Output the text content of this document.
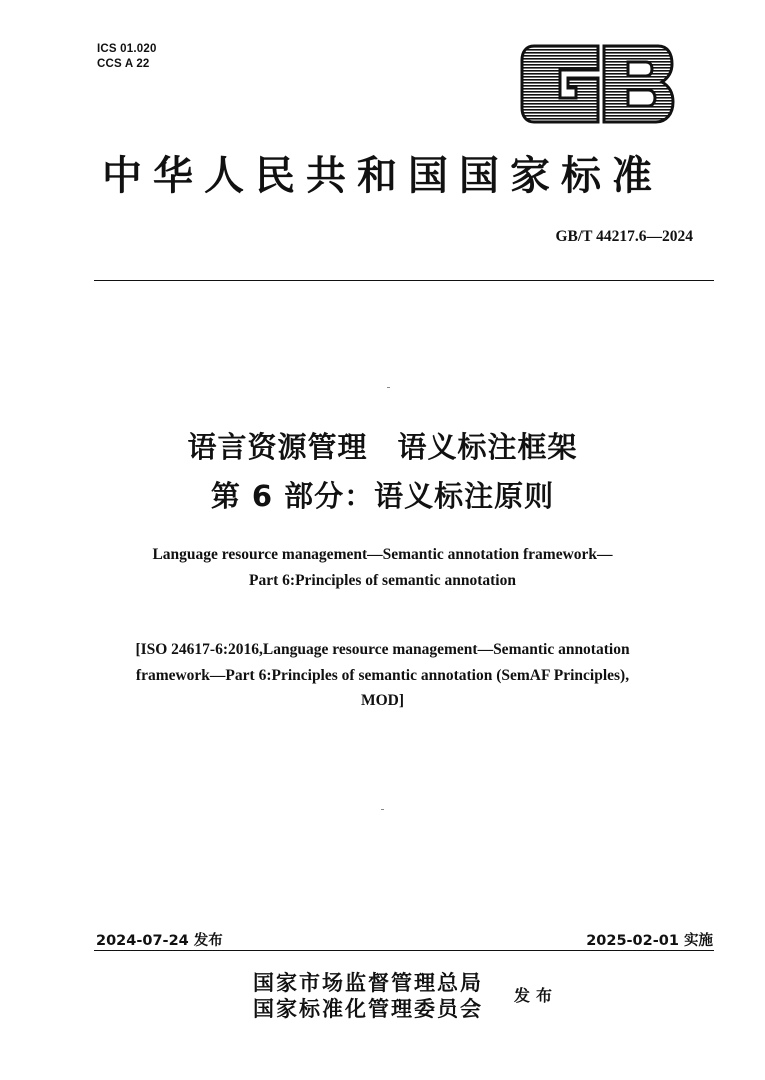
ICS 01.020
CCS A 22
中华人民共和国国家标准
GB/T 44217.6—2024
语言资源管理　语义标注框架
第 6 部分：语义标注原则
Language resource management—Semantic annotation framework—
Part 6:Principles of semantic annotation
[ISO 24617-6:2016,Language resource management—Semantic annotation
framework—Part 6:Principles of semantic annotation (SemAF Principles),
MOD]
2024-07-24 发布	2025-02-01 实施
国家市场监督管理总局
国家标准化管理委员会
发布
